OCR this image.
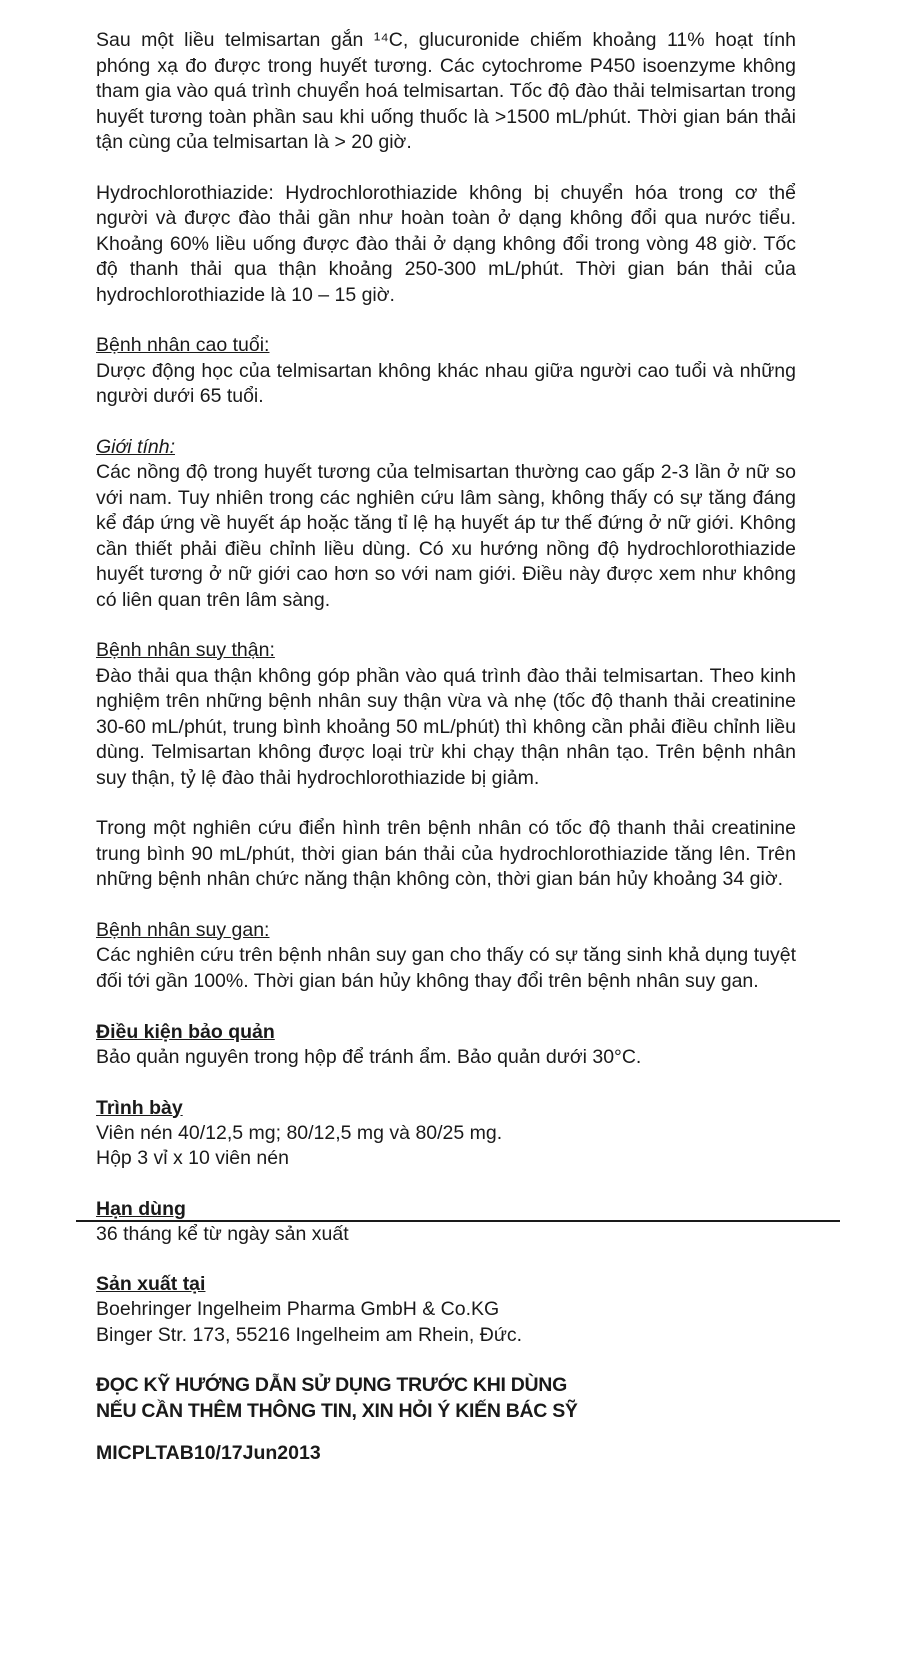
Sau một liều telmisartan gắn ¹⁴C, glucuronide chiếm khoảng 11% hoạt tính phóng xạ đo được trong huyết tương. Các cytochrome P450 isoenzyme không tham gia vào quá trình chuyển hoá telmisartan. Tốc độ đào thải telmisartan trong huyết tương toàn phần sau khi uống thuốc là >1500 mL/phút. Thời gian bán thải tận cùng của telmisartan là > 20 giờ.

Hydrochlorothiazide: Hydrochlorothiazide không bị chuyển hóa trong cơ thể người và được đào thải gần như hoàn toàn ở dạng không đổi qua nước tiểu. Khoảng 60% liều uống được đào thải ở dạng không đổi trong vòng 48 giờ. Tốc độ thanh thải qua thận khoảng 250-300 mL/phút. Thời gian bán thải của hydrochlorothiazide là 10 – 15 giờ.

Bệnh nhân cao tuổi:

Dược động học của telmisartan không khác nhau giữa người cao tuổi và những người dưới 65 tuổi.

Giới tính:

Các nồng độ trong huyết tương của telmisartan thường cao gấp 2-3 lần ở nữ so với nam. Tuy nhiên trong các nghiên cứu lâm sàng, không thấy có sự tăng đáng kể đáp ứng về huyết áp hoặc tăng tỉ lệ hạ huyết áp tư thế đứng ở nữ giới. Không cần thiết phải điều chỉnh liều dùng. Có xu hướng nồng độ hydrochlorothiazide huyết tương ở nữ giới cao hơn so với nam giới. Điều này được xem như không có liên quan trên lâm sàng.

Bệnh nhân suy thận:

Đào thải qua thận không góp phần vào quá trình đào thải telmisartan. Theo kinh nghiệm trên những bệnh nhân suy thận vừa và nhẹ (tốc độ thanh thải creatinine 30-60 mL/phút, trung bình khoảng 50 mL/phút) thì không cần phải điều chỉnh liều dùng. Telmisartan không được loại trừ khi chạy thận nhân tạo. Trên bệnh nhân suy thận, tỷ lệ đào thải hydrochlorothiazide bị giảm.

Trong một nghiên cứu điển hình trên bệnh nhân có tốc độ thanh thải creatinine trung bình 90 mL/phút, thời gian bán thải của hydrochlorothiazide tăng lên. Trên những bệnh nhân chức năng thận không còn, thời gian bán hủy khoảng 34 giờ.

Bệnh nhân suy gan:

Các nghiên cứu trên bệnh nhân suy gan cho thấy có sự tăng sinh khả dụng tuyệt đối tới gần 100%. Thời gian bán hủy không thay đổi trên bệnh nhân suy gan.

Điều kiện bảo quản

Bảo quản nguyên trong hộp để tránh ẩm. Bảo quản dưới 30°C.

Trình bày

Viên nén 40/12,5 mg; 80/12,5 mg và 80/25 mg.

Hộp 3 vỉ x 10 viên nén

Hạn dùng

36 tháng kể từ ngày sản xuất

Sản xuất tại

Boehringer Ingelheim Pharma GmbH & Co.KG

Binger Str. 173, 55216 Ingelheim am Rhein, Đức.

ĐỌC KỸ HƯỚNG DẪN SỬ DỤNG TRƯỚC KHI DÙNG

NẾU CẦN THÊM THÔNG TIN, XIN HỎI Ý KIẾN BÁC SỸ

MICPLTAB10/17Jun2013
